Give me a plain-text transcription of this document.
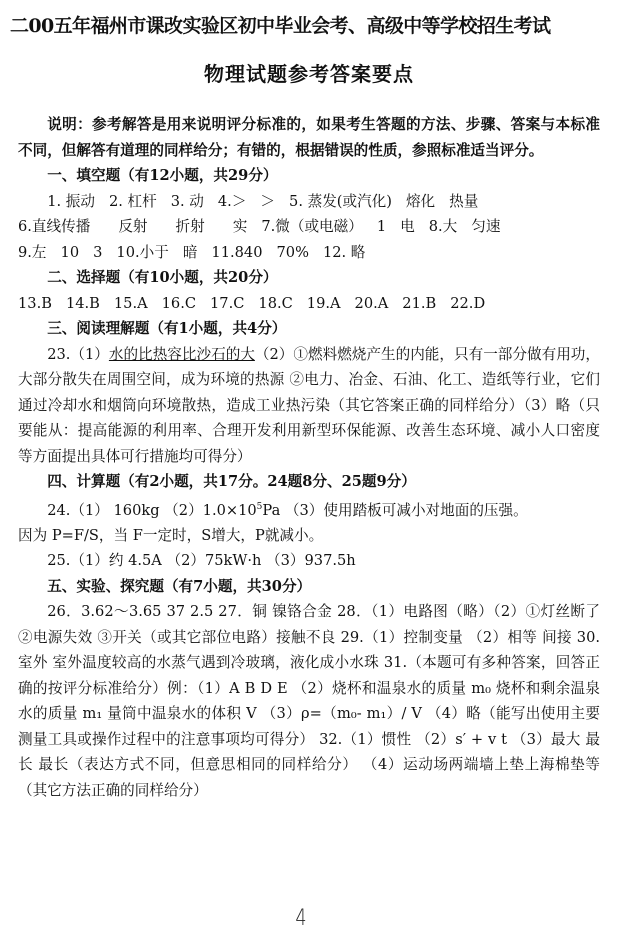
二00五年福州市课改实验区初中毕业会考、高级中等学校招生考试
物理试题参考答案要点

说明：参考解答是用来说明评分标准的，如果考生答题的方法、步骤、答案与本标准不同，但解答有道理的同样给分；有错的，根据错误的性质，参照标准适当评分。

一、填空题（有12小题，共29分）

1. 振动 2. 杠杆 3. 动 4.＞ ＞ 5. 蒸发(或汽化) 熔化 热量

6.直线传播 反射 折射 实 7.微（或电磁） 1 电 8.大 匀速

9.左 10 3 10.小于 暗 11.840 70% 12. 略

二、选择题（有10小题，共20分）

13.B 14.B 15.A 16.C 17.C 18.C 19.A 20.A 21.B 22.D

三、阅读理解题（有1小题，共4分）

23.（1）水的比热容比沙石的大（2）①燃料燃烧产生的内能，只有一部分做有用功，大部分散失在周围空间，成为环境的热源 ②电力、冶金、石油、化工、造纸等行业，它们通过冷却水和烟筒向环境散热，造成工业热污染（其它答案正确的同样给分）（3）略（只要能从：提高能源的利用率、合理开发利用新型环保能源、改善生态环境、减小人口密度等方面提出具体可行措施均可得分）

四、计算题（有2小题，共17分。24题8分、25题9分）

24.（1） 160kg $(2)1.0\times 10^5Pa$ （3）使用踏板可减小对地面的压强。

因为 P=F/S，当 F一定时，S增大，P就减小。

25.（1）约 4.5A （2）75kW·h （3）937.5h

五、实验、探究题（有7小题，共30分）

26．3.62～3.65 37 2.5 27．铜 镍铬合金 28．（1）电路图（略）（2）①灯丝断了 ②电源失效 ③开关（或其它部位电路）接触不良 29.（1）控制变量 （2）相等 间接 30.室外 室外温度较高的水蒸气遇到冷玻璃，液化成小水珠 31.（本题可有多种答案，回答正确的按评分标准给分）例：（1）A B D E （2）烧杯和温泉水的质量 m₀ 烧杯和剩余温泉水的质量 m₁ 量筒中温泉水的体积 V （3）ρ=（m₀- m₁）/ V （4）略（能写出使用主要测量工具或操作过程中的注意事项均可得分） 32.（1）惯性 （2）s′ + v t （3）最大 最长 最长（表达方式不同，但意思相同的同样给分） （4）运动场两端墙上垫上海棉垫等（其它方法正确的同样给分）

4
